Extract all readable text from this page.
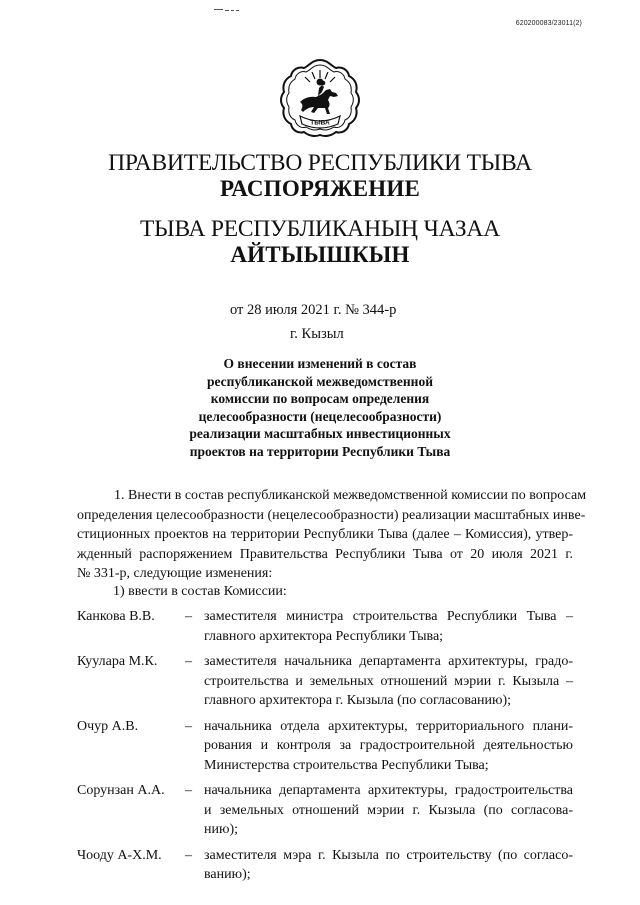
620200083/23011(2)
ТЫВА
ПРАВИТЕЛЬСТВО РЕСПУБЛИКИ ТЫВА
РАСПОРЯЖЕНИЕ
ТЫВА РЕСПУБЛИКАНЫҢ ЧАЗАА
АЙТЫЫШКЫН
от 28 июля 2021 г. № 344-р
г. Кызыл
О внесении изменений в состав
республиканской межведомственной
комиссии по вопросам определения
целесообразности (нецелесообразности)
реализации масштабных инвестиционных
проектов на территории Республики Тыва
1. Внести в состав республиканской межведомственной комиссии по вопросам
определения целесообразности (нецелесообразности) реализации масштабных инве-
стиционных проектов на территории Республики Тыва (далее – Комиссия), утвер-
жденный распоряжением Правительства Республики Тыва от 20 июля 2021 г.
№ 331-р, следующие изменения:
1) ввести в состав Комиссии:
Канкова В.В. – заместителя министра строительства Республики Тыва –
главного архитектора Республики Тыва;
Куулара М.К. – заместителя начальника департамента архитектуры, градо-
строительства и земельных отношений мэрии г. Кызыла –
главного архитектора г. Кызыла (по согласованию);
Очур А.В.	– начальника отдела архитектуры, территориального плани-
рования и контроля за градостроительной деятельностью
Министерства строительства Республики Тыва;
Сорунзан А.А. – начальника департамента архитектуры, градостроительства
и земельных отношений мэрии г. Кызыла (по согласова-
нию);
Чооду А-Х.М. – заместителя мэра г. Кызыла по строительству (по согласо-
ванию);
